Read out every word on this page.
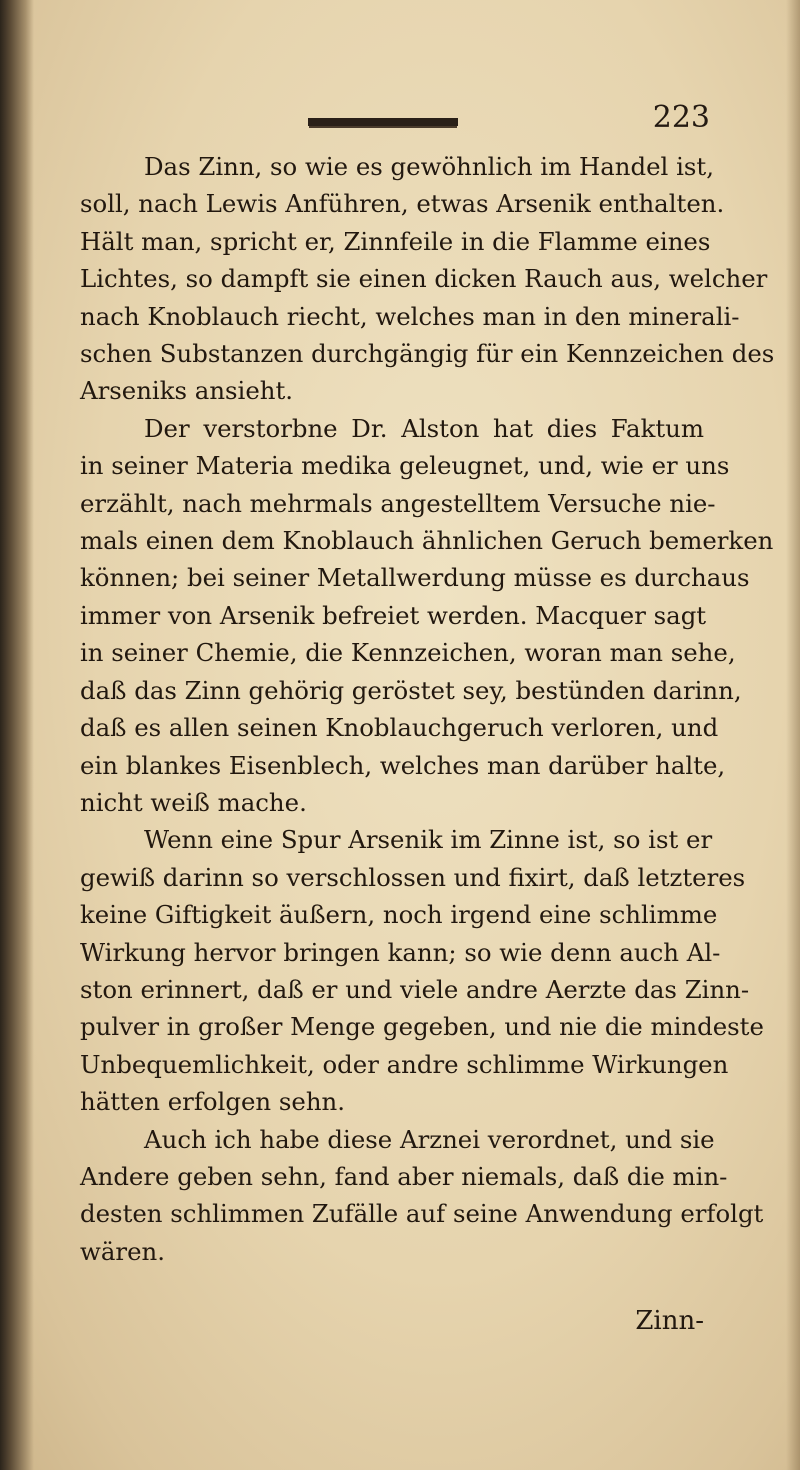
223

Das Zinn, so wie es gewöhnlich im Handel ist,
soll, nach Lewis Anführen, etwas Arsenik enthalten.
Hält man, spricht er, Zinnfeile in die Flamme eines
Lichtes, so dampft sie einen dicken Rauch aus, welcher
nach Knoblauch riecht, welches man in den minerali-
schen Substanzen durchgängig für ein Kennzeichen des
Arseniks ansieht.

Der verstorbne Dr. Alston hat dies Faktum
in seiner Materia medika geleugnet, und, wie er uns
erzählt, nach mehrmals angestelltem Versuche nie-
mals einen dem Knoblauch ähnlichen Geruch bemerken
können; bei seiner Metallwerdung müsse es durchaus
immer von Arsenik befreiet werden. Macquer sagt
in seiner Chemie, die Kennzeichen, woran man sehe,
daß das Zinn gehörig geröstet sey, bestünden darinn,
daß es allen seinen Knoblauchgeruch verloren, und
ein blankes Eisenblech, welches man darüber halte,
nicht weiß mache.

Wenn eine Spur Arsenik im Zinne ist, so ist er
gewiß darinn so verschlossen und fixirt, daß letzteres
keine Giftigkeit äußern, noch irgend eine schlimme
Wirkung hervor bringen kann; so wie denn auch Al-
ston erinnert, daß er und viele andre Aerzte das Zinn-
pulver in großer Menge gegeben, und nie die mindeste
Unbequemlichkeit, oder andre schlimme Wirkungen
hätten erfolgen sehn.

Auch ich habe diese Arznei verordnet, und sie
Andere geben sehn, fand aber niemals, daß die min-
desten schlimmen Zufälle auf seine Anwendung erfolgt
wären.

Zinn-
